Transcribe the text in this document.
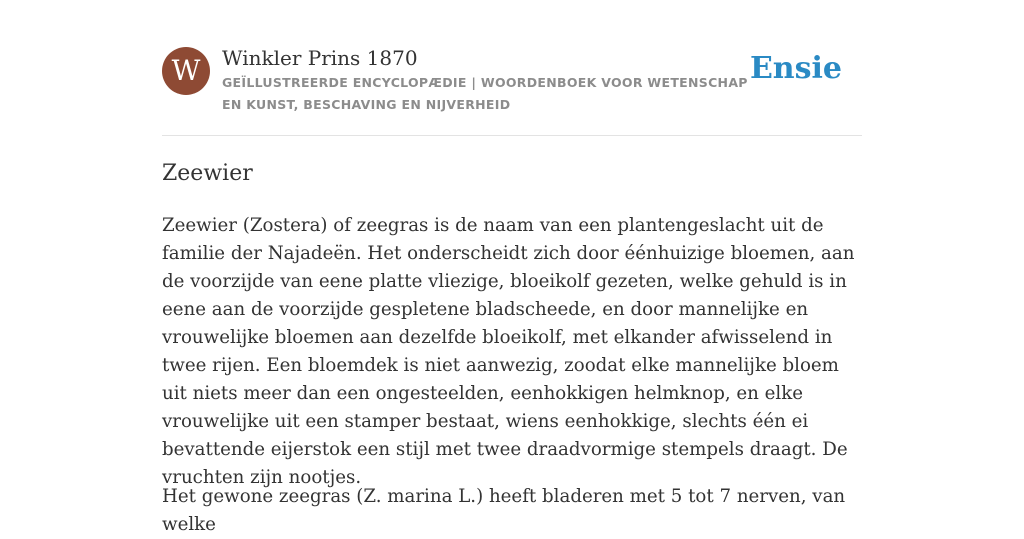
W	Winkler Prins 1870
GEÏLLUSTREERDE ENCYCLOPÆDIE | WOORDENBOEK VOOR WETENSCHAP EN KUNST, BESCHAVING EN NIJVERHEID
Ensie
Zeewier

Zeewier (Zostera) of zeegras is de naam van een plantengeslacht uit de familie der Najadeën. Het onderscheidt zich door éénhuizige bloemen, aan de voorzijde van eene platte vliezige, bloeikolf gezeten, welke gehuld is in eene aan de voorzijde gespletene bladscheede, en door mannelijke en vrouwelijke bloemen aan dezelfde bloeikolf, met elkander afwisselend in twee rijen. Een bloemdek is niet aanwezig, zoodat elke mannelijke bloem uit niets meer dan een ongesteelden, eenhokkigen helmknop, en elke vrouwelijke uit een stamper bestaat, wiens eenhokkige, slechts één ei bevattende eijerstok een stijl met twee draadvormige stempels draagt. De vruchten zijn nootjes.

Het gewone zeegras (Z. marina L.) heeft bladeren met 5 tot 7 nerven, van welke
